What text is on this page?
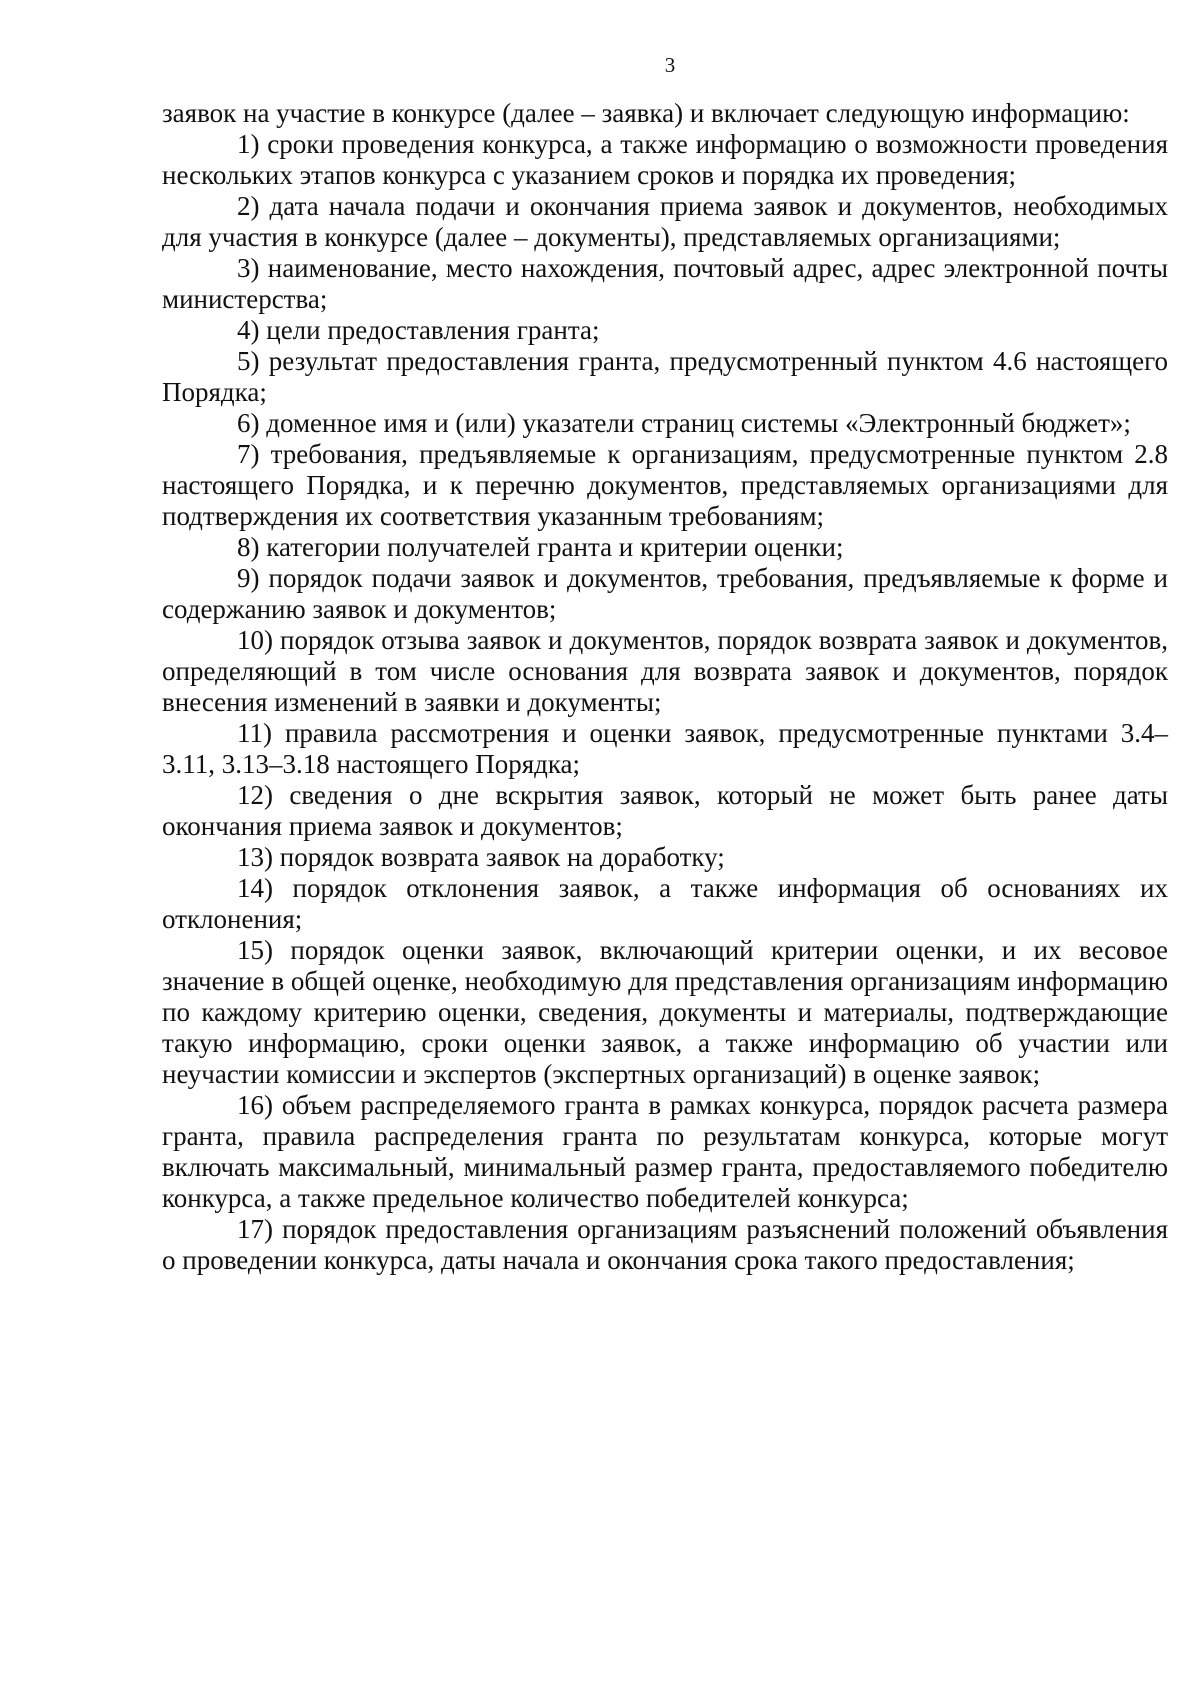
3

заявок на участие в конкурсе (далее – заявка) и включает следующую информацию:

1) сроки проведения конкурса, а также информацию о возможности проведения нескольких этапов конкурса с указанием сроков и порядка их проведения;

2) дата начала подачи и окончания приема заявок и документов, необходимых для участия в конкурсе (далее – документы), представляемых организациями;

3) наименование, место нахождения, почтовый адрес, адрес электронной почты министерства;

4) цели предоставления гранта;

5) результат предоставления гранта, предусмотренный пунктом 4.6 настоящего Порядка;

6) доменное имя и (или) указатели страниц системы «Электронный бюджет»;

7) требования, предъявляемые к организациям, предусмотренные пунктом 2.8 настоящего Порядка, и к перечню документов, представляемых организациями для подтверждения их соответствия указанным требованиям;

8) категории получателей гранта и критерии оценки;

9) порядок подачи заявок и документов, требования, предъявляемые к форме и содержанию заявок и документов;

10) порядок отзыва заявок и документов, порядок возврата заявок и документов, определяющий в том числе основания для возврата заявок и документов, порядок внесения изменений в заявки и документы;

11) правила рассмотрения и оценки заявок, предусмотренные пунктами 3.4–3.11, 3.13–3.18 настоящего Порядка;

12) сведения о дне вскрытия заявок, который не может быть ранее даты окончания приема заявок и документов;

13) порядок возврата заявок на доработку;

14) порядок отклонения заявок, а также информация об основаниях их отклонения;

15) порядок оценки заявок, включающий критерии оценки, и их весовое значение в общей оценке, необходимую для представления организациям информацию по каждому критерию оценки, сведения, документы и материалы, подтверждающие такую информацию, сроки оценки заявок, а также информацию об участии или неучастии комиссии и экспертов (экспертных организаций) в оценке заявок;

16) объем распределяемого гранта в рамках конкурса, порядок расчета размера гранта, правила распределения гранта по результатам конкурса, которые могут включать максимальный, минимальный размер гранта, предоставляемого победителю конкурса, а также предельное количество победителей конкурса;

17) порядок предоставления организациям разъяснений положений объявления о проведении конкурса, даты начала и окончания срока такого предоставления;
